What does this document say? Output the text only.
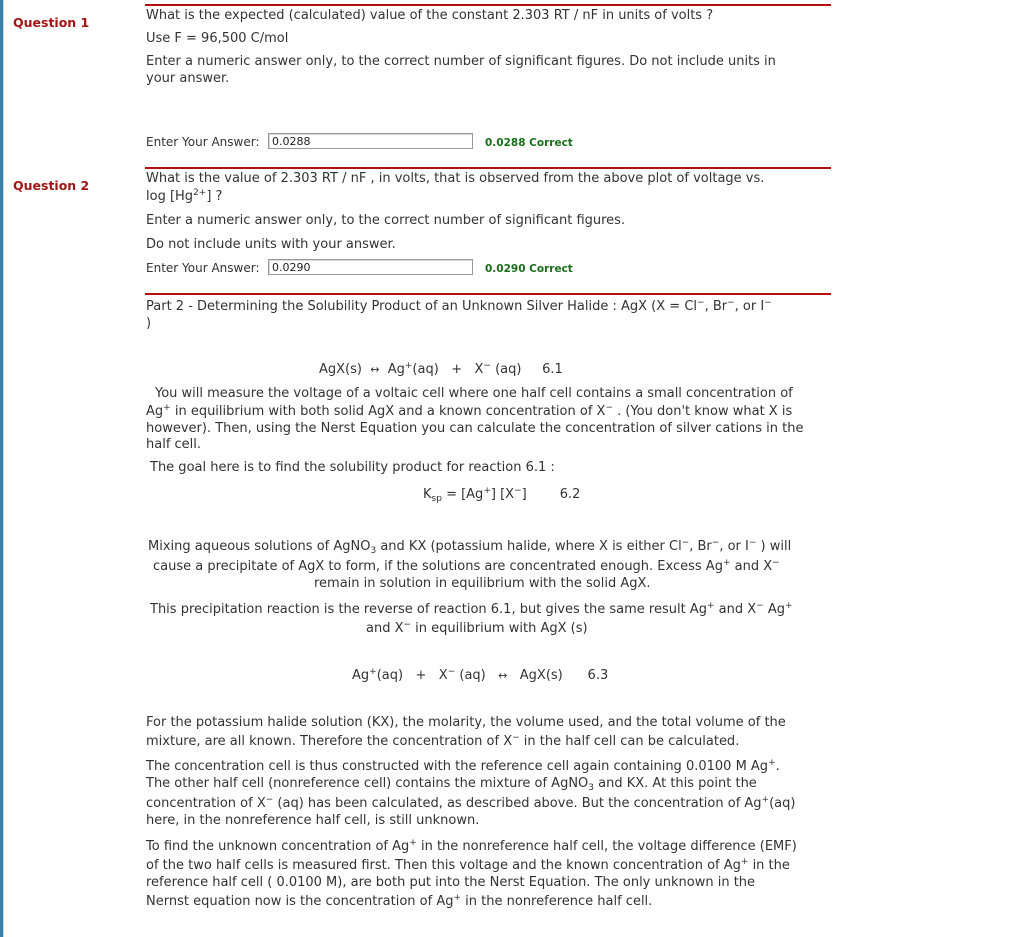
Question 1	What is the expected (calculated) value of the constant 2.303 RT / nF in units of volts ?
Use F = 96,500 C/mol
Enter a numeric answer only, to the correct number of significant figures. Do not include units in your answer.
Enter Your Answer:
0.0288	0.0288 Correct
Question 2	What is the value of 2.303 RT / nF , in volts, that is observed from the above plot of voltage vs.
$\log [Hg^{2+}]$ ?
Enter a numeric answer only, to the correct number of significant figures.
Do not include units with your answer.
Enter Your Answer:
0.0290	0.0290 Correct
Part 2 - Determining the Solubility Product of an Unknown Silver Halide : AgX (X = Cl−, Br−, or I−
)
AgX(s) ↔ Ag+(aq) + X− (aq) 6.1
You will measure the voltage of a voltaic cell where one half cell contains a small concentration of
Ag+ in equilibrium with both solid AgX and a known concentration of X− . (You don't know what X is
however). Then, using the Nerst Equation you can calculate the concentration of silver cations in the
half cell.
The goal here is to find the solubility product for reaction 6.1 :
$K_{sp} = [Ag^+]$ [X−]	6.2
Mixing aqueous solutions of AgNO$_3$ and KX (potassium halide, where X is either Cl−, Br−, or I− ) will
cause a precipitate of AgX to form, if the solutions are concentrated enough. Excess Ag+ and X−
remain in solution in equilibrium with the solid AgX.
This precipitation reaction is the reverse of reaction 6.1, but gives the same result Ag+ and X− Ag+
and X− in equilibrium with AgX (s)
Ag+(aq) + X− (aq) ↔ AgX(s) 6.3
For the potassium halide solution (KX), the molarity, the volume used, and the total volume of the
mixture, are all known. Therefore the concentration of X− in the half cell can be calculated.
The concentration cell is thus constructed with the reference cell again containing 0.0100 M Ag+.
The other half cell (nonreference cell) contains the mixture of AgNO$_3$ and KX. At this point the
concentration of X− (aq) has been calculated, as described above. But the concentration of Ag+(aq)
here, in the nonreference half cell, is still unknown.
To find the unknown concentration of Ag+ in the nonreference half cell, the voltage difference (EMF)
of the two half cells is measured first. Then this voltage and the known concentration of Ag+ in the
reference half cell ( 0.0100 M), are both put into the Nerst Equation. The only unknown in the
Nernst equation now is the concentration of Ag+ in the nonreference half cell.
